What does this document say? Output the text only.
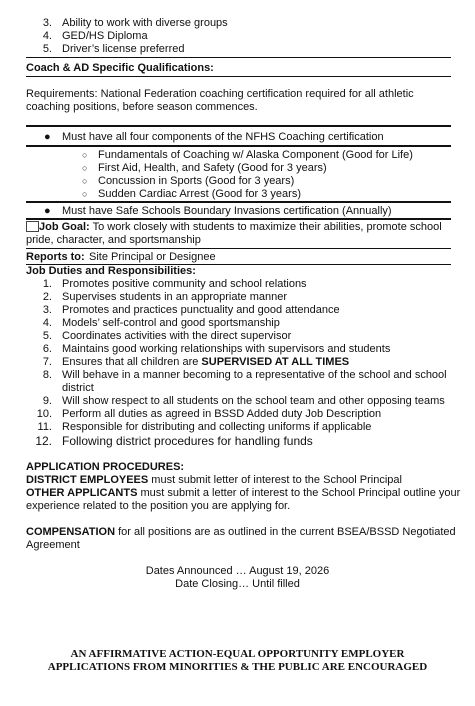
3. Ability to work with diverse groups
4. GED/HS Diploma
5. Driver’s license preferred
Coach & AD Specific Qualifications:
Requirements: National Federation coaching certification required for all athletic
coaching positions, before season commences.
● Must have all four components of the NFHS Coaching certification
○ Fundamentals of Coaching w/ Alaska Component (Good for Life)
○ First Aid, Health, and Safety (Good for 3 years)
○ Concussion in Sports (Good for 3 years)
○ Sudden Cardiac Arrest (Good for 3 years)
● Must have Safe Schools Boundary Invasions certification (Annually)
Job Goal: To work closely with students to maximize their abilities, promote school
pride, character, and sportsmanship
Reports to: Site Principal or Designee
Job Duties and Responsibilities:
1. Promotes positive community and school relations
2. Supervises students in an appropriate manner
3. Promotes and practices punctuality and good attendance
4. Models’ self-control and good sportsmanship
5. Coordinates activities with the direct supervisor
6. Maintains good working relationships with supervisors and students
7. Ensures that all children are SUPERVISED AT ALL TIMES
8. Will behave in a manner becoming to a representative of the school and school
district
9. Will show respect to all students on the school team and other opposing teams
10. Perform all duties as agreed in BSSD Added duty Job Description
11. Responsible for distributing and collecting uniforms if applicable
12. Following district procedures for handling funds
APPLICATION PROCEDURES:
DISTRICT EMPLOYEES must submit letter of interest to the School Principal
OTHER APPLICANTS must submit a letter of interest to the School Principal outline your
experience related to the position you are applying for.
COMPENSATION for all positions are as outlined in the current BSEA/BSSD Negotiated
Agreement
Dates Announced … August 19, 2026
Date Closing… Until filled
AN AFFIRMATIVE ACTION-EQUAL OPPORTUNITY EMPLOYER
APPLICATIONS FROM MINORITIES & THE PUBLIC ARE ENCOURAGED
